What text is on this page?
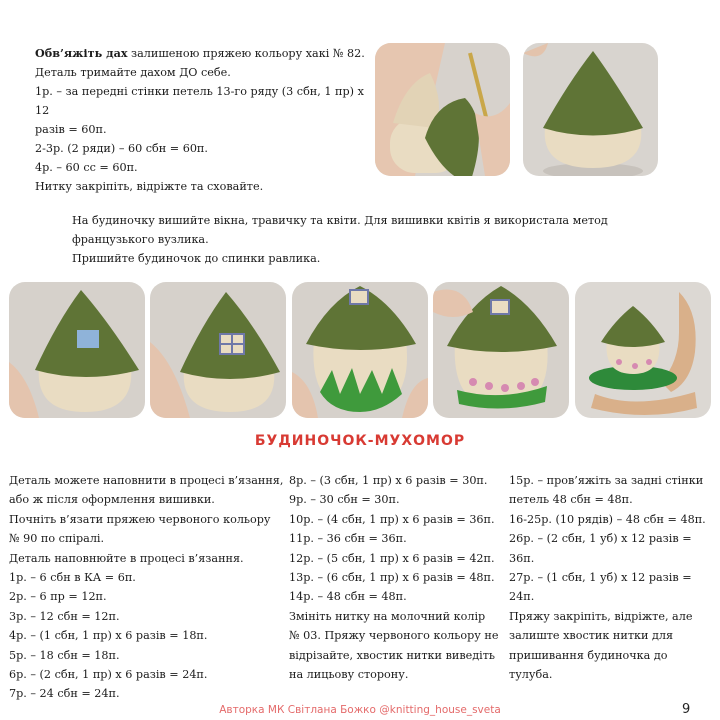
Обв’яжіть дах залишеною пряжею кольору хакі № 82.

Деталь тримайте дахом ДО себе.

1р. – за передні стінки петель 13-го ряду (3 сбн, 1 пр) х 12

разів = 60п.

2-3р. (2 ряди) – 60 сбн = 60п.

4р. – 60 сс = 60п.

Нитку закріпіть, відріжте та сховайте.

На будиночку вишийте вікна, травичку та квіти. Для вишивки квітів я використала метод

французького вузлика.

Пришийте будиночок до спинки равлика.

БУДИНОЧОК-МУХОМОР

Деталь можете наповнити в процесі в’язання,

або ж після оформлення вишивки.

Почніть в’язати пряжею червоного кольору

№ 90 по спіралі.

Деталь наповнюйте в процесі в’язання.

1р. – 6 сбн в КА = 6п.

2р. – 6 пр = 12п.

3р. – 12 сбн = 12п.

4р. – (1 сбн, 1 пр) х 6 разів = 18п.

5р. – 18 сбн = 18п.

6р. – (2 сбн, 1 пр) х 6 разів = 24п.

7р. – 24 сбн = 24п.

8р. – (3 сбн, 1 пр) х 6 разів = 30п.

9р. – 30 сбн = 30п.

10р. – (4 сбн, 1 пр) х 6 разів = 36п.

11р. – 36 сбн = 36п.

12р. – (5 сбн, 1 пр) х 6 разів = 42п.

13р. – (6 сбн, 1 пр) х 6 разів = 48п.

14р. – 48 сбн = 48п.

Змініть нитку на молочний колір

№ 03. Пряжу червоного кольору не

відрізайте, хвостик нитки виведіть

на лицьову сторону.

15р. – пров’яжіть за задні стінки

петель 48 сбн = 48п.

16-25р. (10 рядів) – 48 сбн = 48п.

26р. – (2 сбн, 1 уб) х 12 разів = 36п.

27р. – (1 сбн, 1 уб) х 12 разів = 24п.

Пряжу закріпіть, відріжте, але

залиште хвостик нитки для

пришивання будиночка до

тулуба.

Авторка МК Світлана Божко @knitting_house_sveta	9
